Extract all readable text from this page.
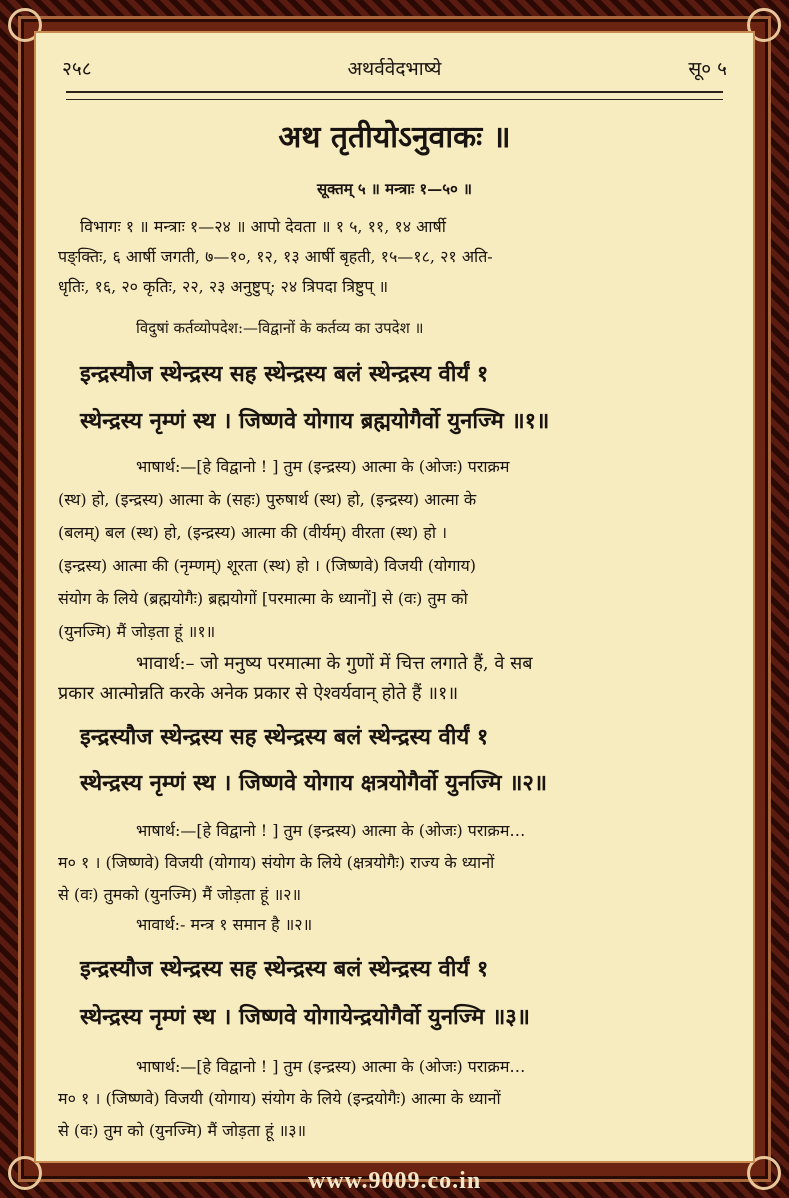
२५८	अथर्ववेदभाष्ये	सू० ५
अथ तृतीयोऽनुवाकः ॥
सूक्तम् ५ ॥ मन्त्राः १—५० ॥
विभागः १ ॥ मन्त्राः १—२४ ॥ आपो देवता ॥ १ ५, ११, १४ आर्षी
पङ्क्तिः, ६ आर्षी जगती, ७—१०, १२, १३ आर्षी बृहती, १५—१८, २१ अति-
धृतिः, १६, २० कृतिः, २२, २३ अनुष्टुप्; २४ त्रिपदा त्रिष्टुप् ॥
विदुषां कर्तव्योपदेश:—विद्वानों के कर्तव्य का उपदेश ॥
इन्द्रस्यौज स्थेन्द्रस्य सह स्थेन्द्रस्य बलं स्थेन्द्रस्य वीर्यं १
स्थेन्द्रस्य नृम्णं स्थ । जिष्णवे योगाय ब्रह्मयोगैर्वो युनज्मि ॥१॥
भाषार्थ:—[हे विद्वानो ! ] तुम (इन्द्रस्य) आत्मा के (ओजः) पराक्रम
(स्थ) हो, (इन्द्रस्य) आत्मा के (सहः) पुरुषार्थ (स्थ) हो, (इन्द्रस्य) आत्मा के
(बलम्) बल (स्थ) हो, (इन्द्रस्य) आत्मा की (वीर्यम्) वीरता (स्थ) हो ।
(इन्द्रस्य) आत्मा की (नृम्णम्) शूरता (स्थ) हो । (जिष्णवे) विजयी (योगाय)
संयोग के लिये (ब्रह्मयोगैः) ब्रह्मयोगों [परमात्मा के ध्यानों] से (वः) तुम को
(युनज्मि) मैं जोड़ता हूं ॥१॥
भावार्थ:– जो मनुष्य परमात्मा के गुणों में चित्त लगाते हैं, वे सब
प्रकार आत्मोन्नति करके अनेक प्रकार से ऐश्वर्यवान् होते हैं ॥१॥
इन्द्रस्यौज स्थेन्द्रस्य सह स्थेन्द्रस्य बलं स्थेन्द्रस्य वीर्यं १
स्थेन्द्रस्य नृम्णं स्थ । जिष्णवे योगाय क्षत्रयोगैर्वो युनज्मि ॥२॥
भाषार्थ:—[हे विद्वानो ! ] तुम (इन्द्रस्य) आत्मा के (ओजः) पराक्रम…
म० १ । (जिष्णवे) विजयी (योगाय) संयोग के लिये (क्षत्रयोगैः) राज्य के ध्यानों
से (वः) तुमको (युनज्मि) मैं जोड़ता हूं ॥२॥
भावार्थ:- मन्त्र १ समान है ॥२॥
इन्द्रस्यौज स्थेन्द्रस्य सह स्थेन्द्रस्य बलं स्थेन्द्रस्य वीर्यं १
स्थेन्द्रस्य नृम्णं स्थ । जिष्णवे योगायेन्द्रयोगैर्वो युनज्मि ॥३॥
भाषार्थ:—[हे विद्वानो ! ] तुम (इन्द्रस्य) आत्मा के (ओजः) पराक्रम…
म० १ । (जिष्णवे) विजयी (योगाय) संयोग के लिये (इन्द्रयोगैः) आत्मा के ध्यानों
से (वः) तुम को (युनज्मि) मैं जोड़ता हूं ॥३॥
www.9009.co.in
